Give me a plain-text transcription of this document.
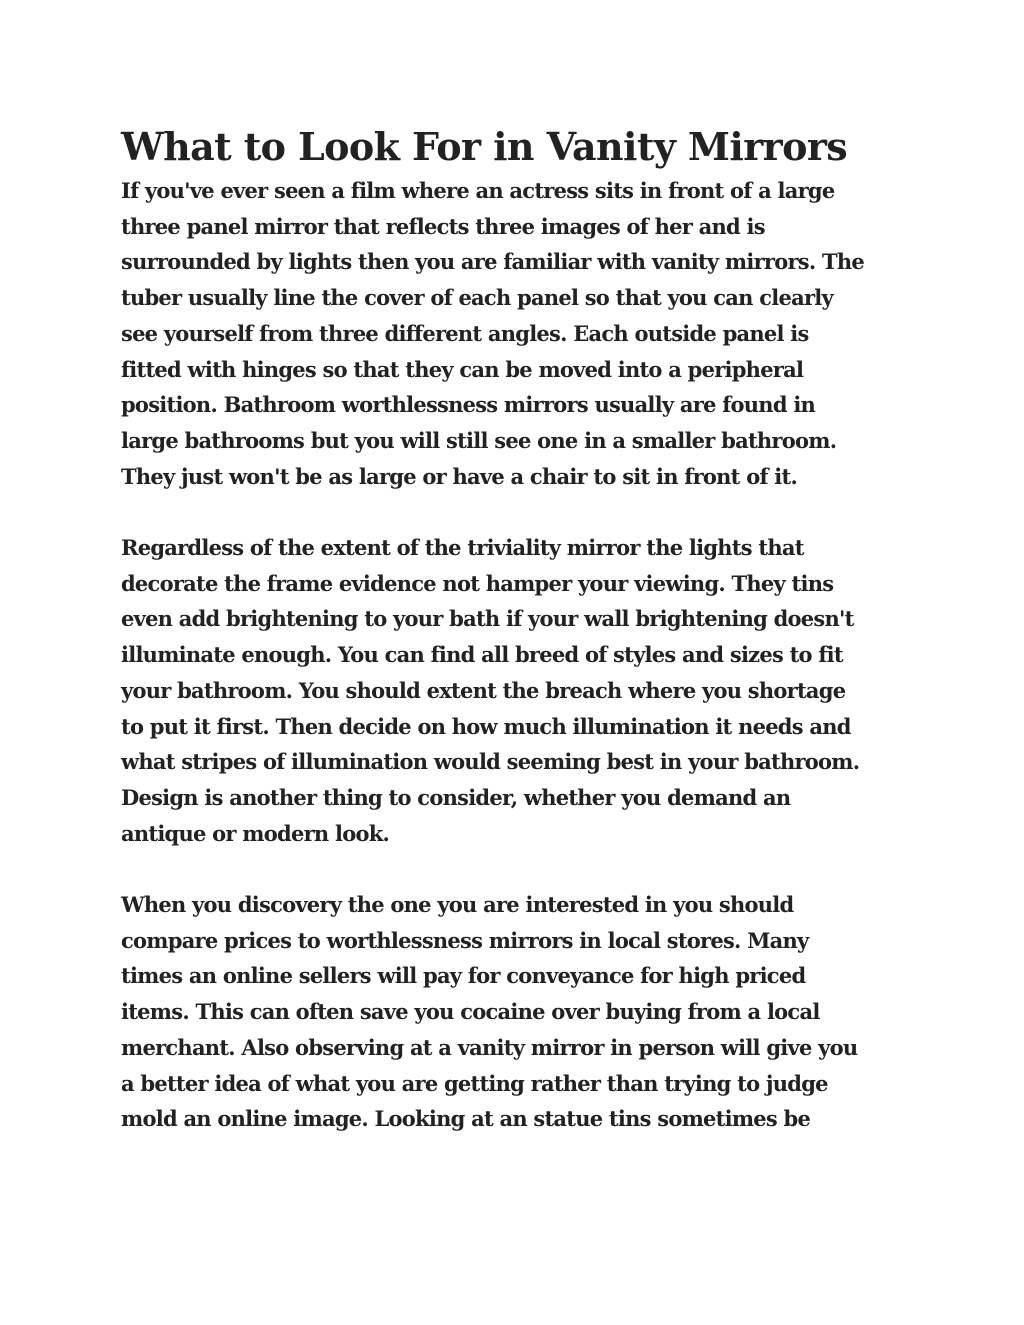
What to Look For in Vanity Mirrors

If you've ever seen a film where an actress sits in front of a large
three panel mirror that reflects three images of her and is
surrounded by lights then you are familiar with vanity mirrors. The
tuber usually line the cover of each panel so that you can clearly
see yourself from three different angles. Each outside panel is
fitted with hinges so that they can be moved into a peripheral
position. Bathroom worthlessness mirrors usually are found in
large bathrooms but you will still see one in a smaller bathroom.
They just won't be as large or have a chair to sit in front of it.

Regardless of the extent of the triviality mirror the lights that
decorate the frame evidence not hamper your viewing. They tins
even add brightening to your bath if your wall brightening doesn't
illuminate enough. You can find all breed of styles and sizes to fit
your bathroom. You should extent the breach where you shortage
to put it first. Then decide on how much illumination it needs and
what stripes of illumination would seeming best in your bathroom.
Design is another thing to consider, whether you demand an
antique or modern look.

When you discovery the one you are interested in you should
compare prices to worthlessness mirrors in local stores. Many
times an online sellers will pay for conveyance for high priced
items. This can often save you cocaine over buying from a local
merchant. Also observing at a vanity mirror in person will give you
a better idea of what you are getting rather than trying to judge
mold an online image. Looking at an statue tins sometimes be
